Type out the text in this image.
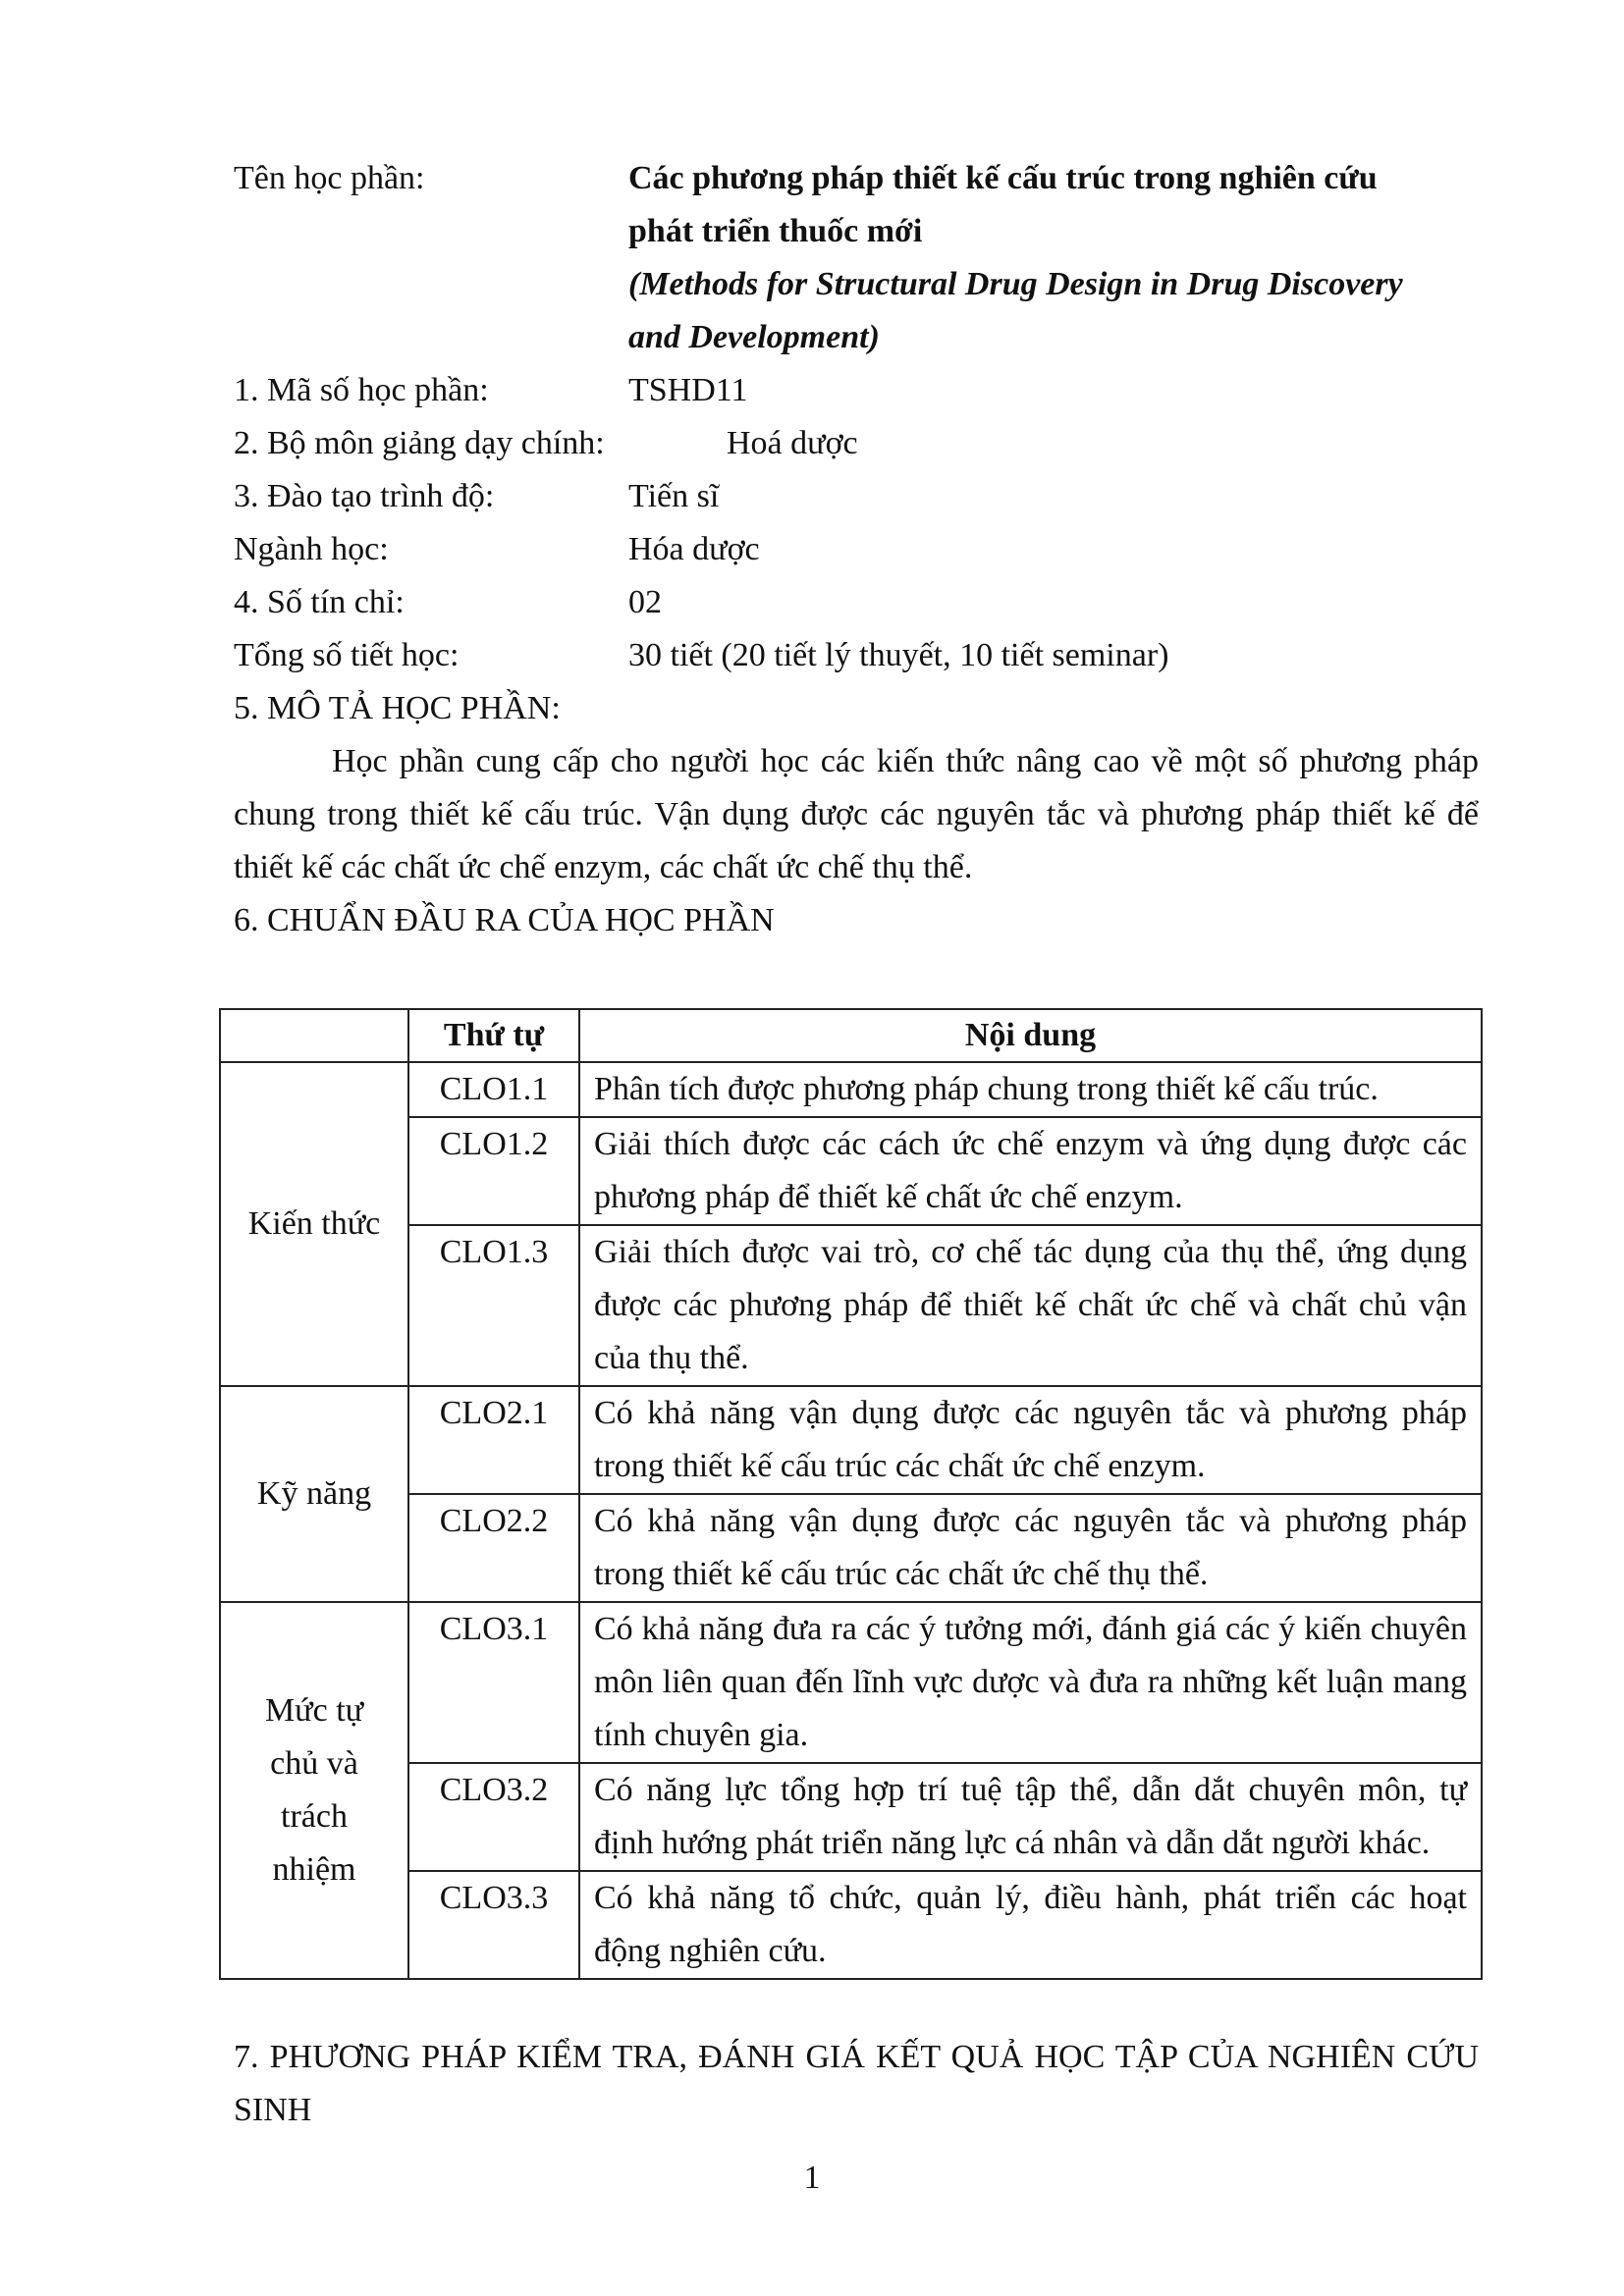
Tên học phần:	Các phương pháp thiết kế cấu trúc trong nghiên cứu
phát triển thuốc mới
(Methods for Structural Drug Design in Drug Discovery
and Development)
1. Mã số học phần:	TSHD11
2. Bộ môn giảng dạy chính:	Hoá dược
3. Đào tạo trình độ:	Tiến sĩ
Ngành học:	Hóa dược
4. Số tín chỉ:	02
Tổng số tiết học:	30 tiết (20 tiết lý thuyết, 10 tiết seminar)

5. MÔ TẢ HỌC PHẦN:

Học phần cung cấp cho người học các kiến thức nâng cao về một số phương pháp chung trong thiết kế cấu trúc. Vận dụng được các nguyên tắc và phương pháp thiết kế để thiết kế các chất ức chế enzym, các chất ức chế thụ thể.

6. CHUẨN ĐẦU RA CỦA HỌC PHẦN

	Thứ tự	Nội dung
Kiến thức	CLO1.1	Phân tích được phương pháp chung trong thiết kế cấu trúc.
	CLO1.2	Giải thích được các cách ức chế enzym và ứng dụng được các phương pháp để thiết kế chất ức chế enzym.
	CLO1.3	Giải thích được vai trò, cơ chế tác dụng của thụ thể, ứng dụng được các phương pháp để thiết kế chất ức chế và chất chủ vận của thụ thể.
Kỹ năng	CLO2.1	Có khả năng vận dụng được các nguyên tắc và phương pháp trong thiết kế cấu trúc các chất ức chế enzym.
	CLO2.2	Có khả năng vận dụng được các nguyên tắc và phương pháp trong thiết kế cấu trúc các chất ức chế thụ thể.
Mức tự chủ và trách nhiệm	CLO3.1	Có khả năng đưa ra các ý tưởng mới, đánh giá các ý kiến chuyên môn liên quan đến lĩnh vực dược và đưa ra những kết luận mang tính chuyên gia.
	CLO3.2	Có năng lực tổng hợp trí tuệ tập thể, dẫn dắt chuyên môn, tự định hướng phát triển năng lực cá nhân và dẫn dắt người khác.
	CLO3.3	Có khả năng tổ chức, quản lý, điều hành, phát triển các hoạt động nghiên cứu.

7. PHƯƠNG PHÁP KIỂM TRA, ĐÁNH GIÁ KẾT QUẢ HỌC TẬP CỦA NGHIÊN CỨU SINH

1
